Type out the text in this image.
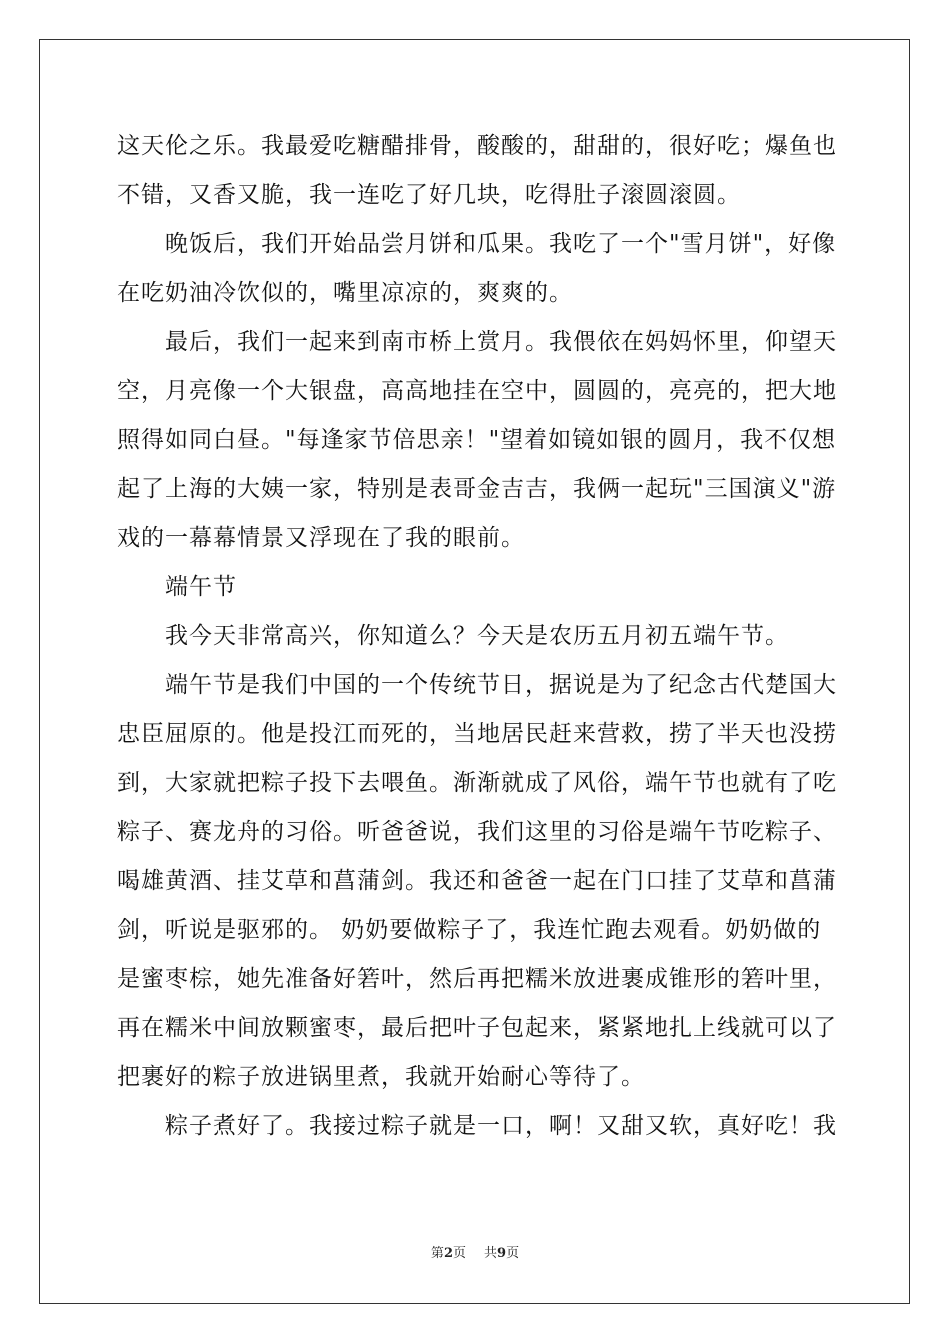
这天伦之乐。我最爱吃糖醋排骨，酸酸的，甜甜的，很好吃；爆鱼也
不错，又香又脆，我一连吃了好几块，吃得肚子滚圆滚圆。
　　晚饭后，我们开始品尝月饼和瓜果。我吃了一个"雪月饼"，好像
在吃奶油冷饮似的，嘴里凉凉的，爽爽的。
　　最后，我们一起来到南市桥上赏月。我偎依在妈妈怀里，仰望天
空，月亮像一个大银盘，高高地挂在空中，圆圆的，亮亮的，把大地
照得如同白昼。"每逢家节倍思亲！"望着如镜如银的圆月，我不仅想
起了上海的大姨一家，特别是表哥金吉吉，我俩一起玩"三国演义"游
戏的一幕幕情景又浮现在了我的眼前。
　　端午节
　　我今天非常高兴，你知道么？今天是农历五月初五端午节。
　　端午节是我们中国的一个传统节日，据说是为了纪念古代楚国大
忠臣屈原的。他是投江而死的，当地居民赶来营救，捞了半天也没捞
到，大家就把粽子投下去喂鱼。渐渐就成了风俗，端午节也就有了吃
粽子、赛龙舟的习俗。听爸爸说，我们这里的习俗是端午节吃粽子、
喝雄黄酒、挂艾草和菖蒲剑。我还和爸爸一起在门口挂了艾草和菖蒲
剑，听说是驱邪的。 奶奶要做粽子了，我连忙跑去观看。奶奶做的
是蜜枣棕，她先准备好箬叶，然后再把糯米放进裹成锥形的箬叶里，
再在糯米中间放颗蜜枣，最后把叶子包起来，紧紧地扎上线就可以了
把裹好的粽子放进锅里煮，我就开始耐心等待了。
　　粽子煮好了。我接过粽子就是一口，啊！又甜又软，真好吃！我
第2页 共9页
